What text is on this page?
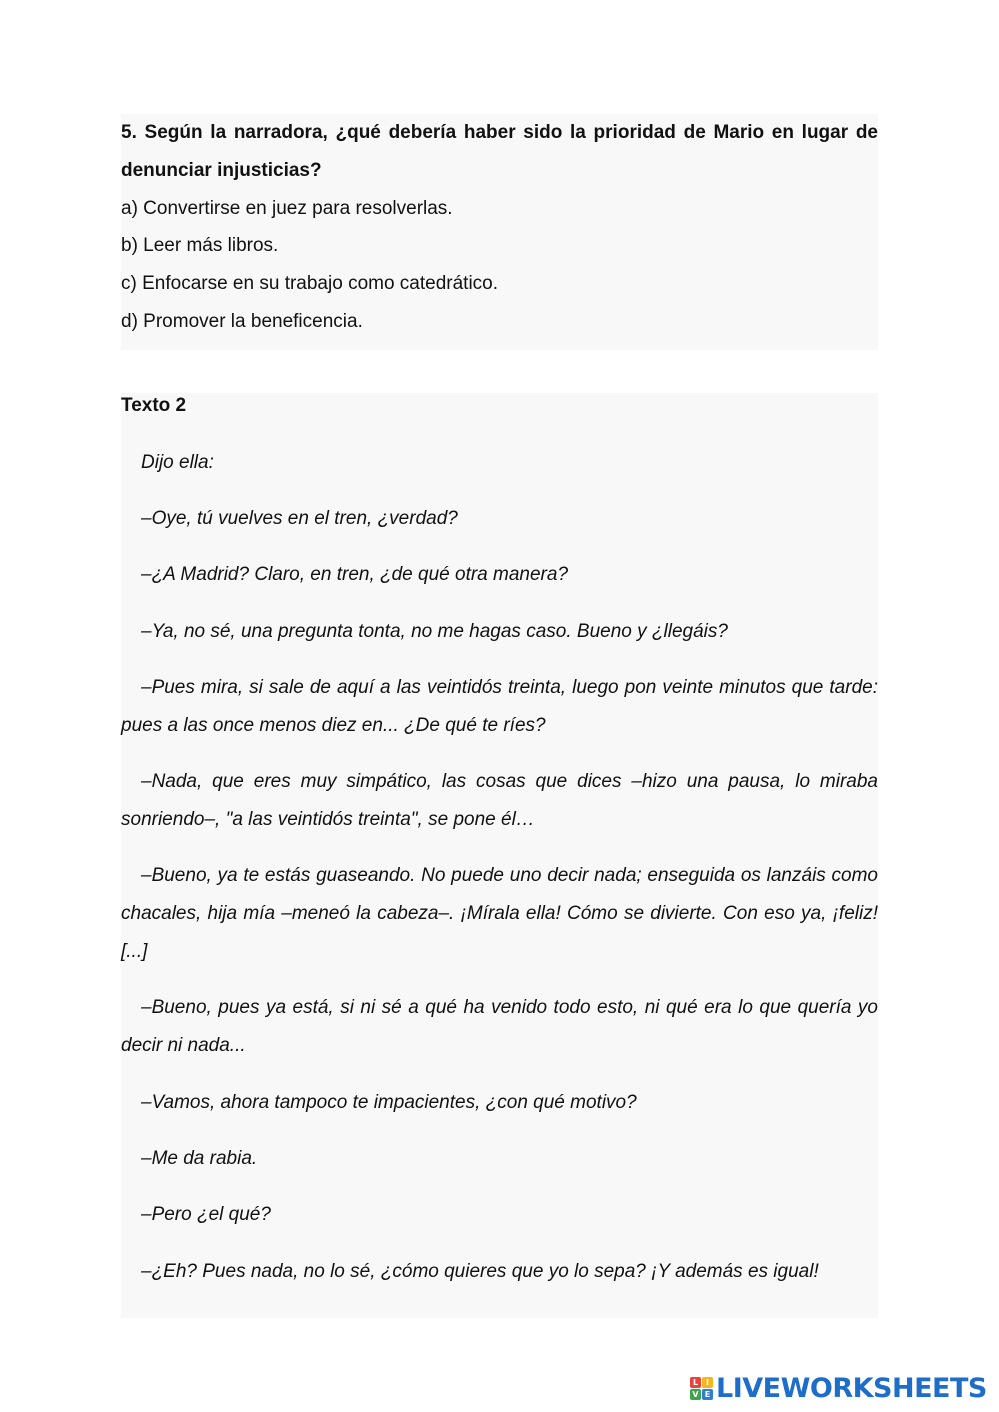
5. Según la narradora, ¿qué debería haber sido la prioridad de Mario en lugar de denunciar injusticias?
a) Convertirse en juez para resolverlas.
b) Leer más libros.
c) Enfocarse en su trabajo como catedrático.
d) Promover la beneficencia.
Texto 2
Dijo ella:
–Oye, tú vuelves en el tren, ¿verdad?
–¿A Madrid? Claro, en tren, ¿de qué otra manera?
–Ya, no sé, una pregunta tonta, no me hagas caso. Bueno y ¿llegáis?
–Pues mira, si sale de aquí a las veintidós treinta, luego pon veinte minutos que tarde: pues a las once menos diez en... ¿De qué te ríes?
–Nada, que eres muy simpático, las cosas que dices –hizo una pausa, lo miraba sonriendo–, "a las veintidós treinta", se pone él…
–Bueno, ya te estás guaseando. No puede uno decir nada; enseguida os lanzáis como chacales, hija mía –meneó la cabeza–. ¡Mírala ella! Cómo se divierte. Con eso ya, ¡feliz! [...]
–Bueno, pues ya está, si ni sé a qué ha venido todo esto, ni qué era lo que quería yo decir ni nada...
–Vamos, ahora tampoco te impacientes, ¿con qué motivo?
–Me da rabia.
–Pero ¿el qué?
–¿Eh? Pues nada, no lo sé, ¿cómo quieres que yo lo sepa? ¡Y además es igual!
L I
V E LIVEWORKSHEETS
